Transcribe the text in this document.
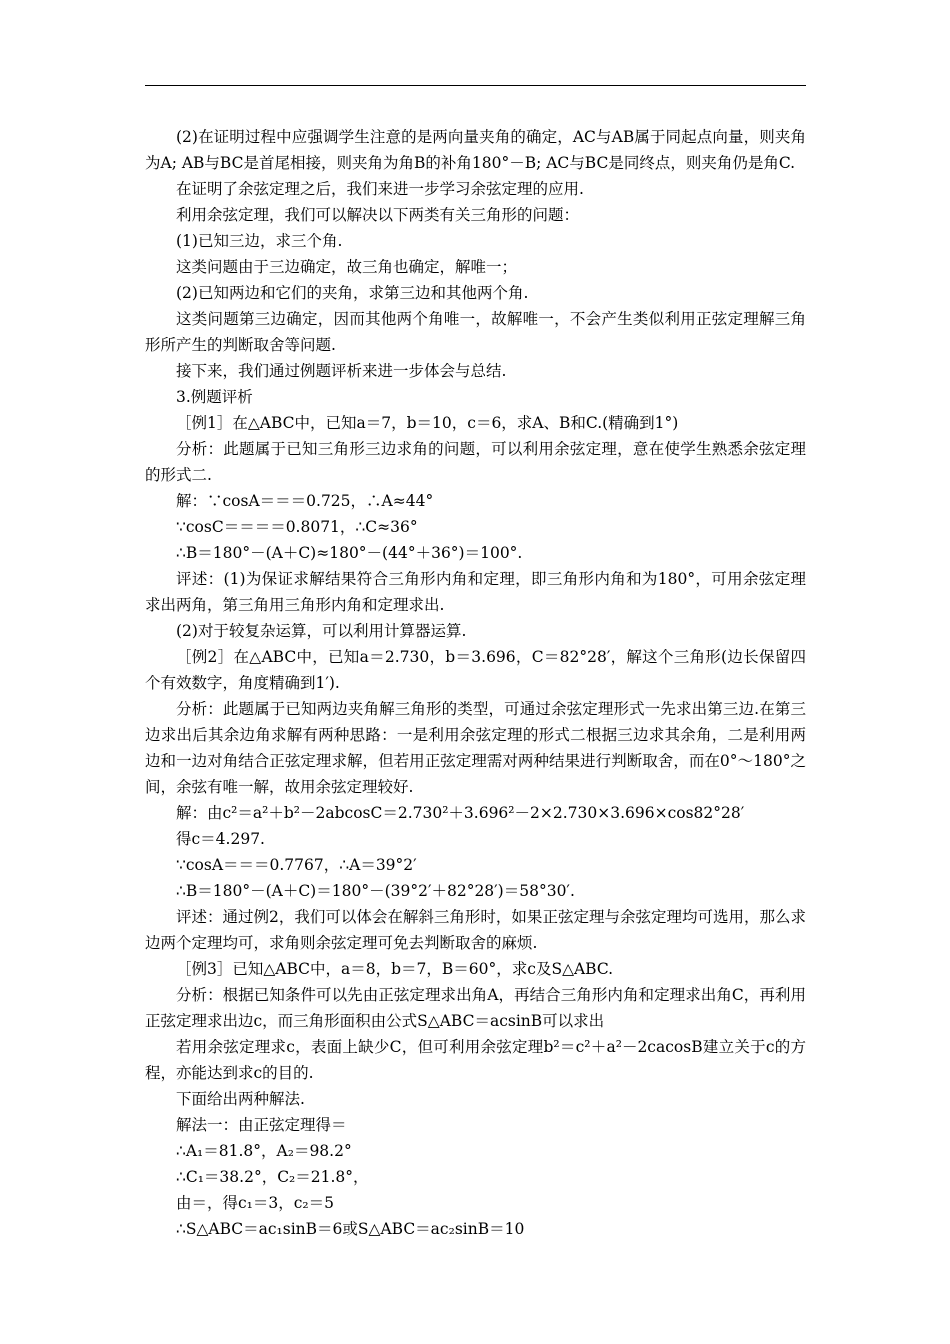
(2)在证明过程中应强调学生注意的是两向量夹角的确定，AC与AB属于同起点向量，则夹角为A; AB与BC是首尾相接，则夹角为角B的补角180°－B; AC与BC是同终点，则夹角仍是角C.

在证明了余弦定理之后，我们来进一步学习余弦定理的应用.

利用余弦定理，我们可以解决以下两类有关三角形的问题：

(1)已知三边，求三个角.

这类问题由于三边确定，故三角也确定，解唯一；

(2)已知两边和它们的夹角，求第三边和其他两个角.

这类问题第三边确定，因而其他两个角唯一，故解唯一，不会产生类似利用正弦定理解三角形所产生的判断取舍等问题.

接下来，我们通过例题评析来进一步体会与总结.

3.例题评析

［例1］在△ABC中，已知a＝7，b＝10，c＝6，求A、B和C.(精确到1°)

分析：此题属于已知三角形三边求角的问题，可以利用余弦定理，意在使学生熟悉余弦定理的形式二.

解：∵cosA＝＝＝0.725，∴A≈44°

∵cosC＝＝＝＝0.8071，∴C≈36°

∴B＝180°－(A＋C)≈180°－(44°＋36°)＝100°.

评述：(1)为保证求解结果符合三角形内角和定理，即三角形内角和为180°，可用余弦定理求出两角，第三角用三角形内角和定理求出.

(2)对于较复杂运算，可以利用计算器运算.

［例2］在△ABC中，已知a＝2.730，b＝3.696，C＝82°28′，解这个三角形(边长保留四个有效数字，角度精确到1′).

分析：此题属于已知两边夹角解三角形的类型，可通过余弦定理形式一先求出第三边.在第三边求出后其余边角求解有两种思路：一是利用余弦定理的形式二根据三边求其余角，二是利用两边和一边对角结合正弦定理求解，但若用正弦定理需对两种结果进行判断取舍，而在0°～180°之间，余弦有唯一解，故用余弦定理较好.

解：由c²＝a²＋b²－2abcosC＝2.730²＋3.696²－2×2.730×3.696×cos82°28′

得c＝4.297.

∵cosA＝＝＝0.7767，∴A＝39°2′

∴B＝180°－(A＋C)＝180°－(39°2′＋82°28′)＝58°30′.

评述：通过例2，我们可以体会在解斜三角形时，如果正弦定理与余弦定理均可选用，那么求边两个定理均可，求角则余弦定理可免去判断取舍的麻烦.

［例3］已知△ABC中，a＝8，b＝7，B＝60°，求c及S△ABC.

分析：根据已知条件可以先由正弦定理求出角A，再结合三角形内角和定理求出角C，再利用正弦定理求出边c，而三角形面积由公式S△ABC＝acsinB可以求出

若用余弦定理求c，表面上缺少C，但可利用余弦定理b²＝c²＋a²－2cacosB建立关于c的方程，亦能达到求c的目的.

下面给出两种解法.

解法一：由正弦定理得＝

∴A₁＝81.8°，A₂＝98.2°

∴C₁＝38.2°，C₂＝21.8°，

由＝，得c₁＝3，c₂＝5

∴S△ABC＝ac₁sinB＝6或S△ABC＝ac₂sinB＝10
